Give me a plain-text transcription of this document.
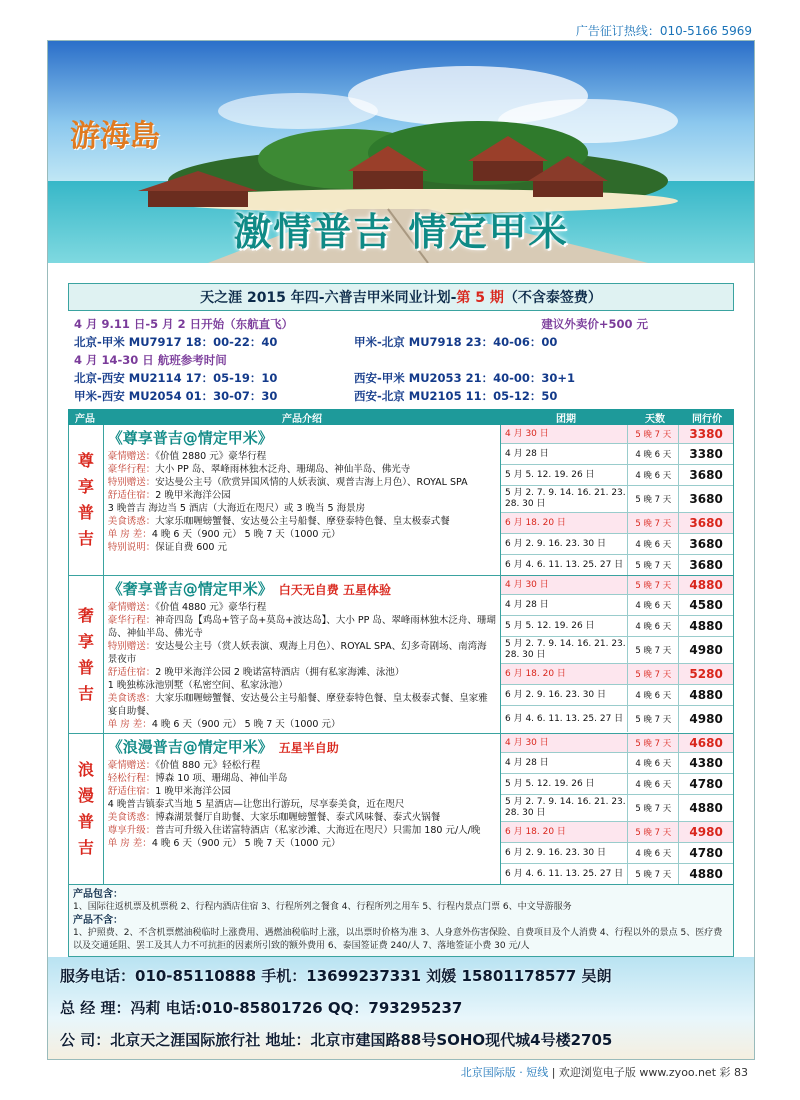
广告征订热线：010-5166 5969
游海島
激情普吉 情定甲米
天之涯 2015 年四-六普吉甲米同业计划- 第 5 期 （不含泰签费）
4 月 9.11 日-5 月 2 日开始（东航直飞）	建议外卖价+500 元
北京-甲米 MU7917 18：00-22：40	甲米-北京 MU7918 23：40-06：00
4 月 14-30 日 航班参考时间
北京-西安 MU2114 17：05-19：10	西安-甲米 MU2053 21：40-00：30+1
甲米-西安 MU2054 01：30-07：30	西安-北京 MU2105 11：05-12：50
产品	产品介绍	团期	天数	同行价
尊
享
普
吉
《尊享普吉@情定甲米》
豪情赠送：《价值 2880 元》豪华行程
豪华行程：大小 PP 岛、翠峰雨林独木泛舟、珊瑚岛、神仙半岛、佛光寺
特别赠送：安达曼公主号（欣赏异国风情的人妖表演、观普吉海上月色）、ROYAL SPA
舒适住宿：2 晚甲米海洋公园
3 晚普吉 海边当 5 酒店（大海近在咫尺）或 3 晚当 5 海景房
美食诱惑：大家乐咖喱螃蟹餐、安达曼公主号船餐、摩登泰特色餐、皇太极泰式餐
单 房 差：4 晚 6 天（900 元） 5 晚 7 天（1000 元）
特别说明：保证自费 600 元
4 月 30 日	5 晚 7 天	3380
4 月 28 日	4 晚 6 天	3380
5 月 5. 12. 19. 26 日	4 晚 6 天	3680
5 月 2. 7. 9. 14. 16. 21. 23. 28. 30 日	5 晚 7 天	3680
6 月 18. 20 日	5 晚 7 天	3680
6 月 2. 9. 16. 23. 30 日	4 晚 6 天	3680
6 月 4. 6. 11. 13. 25. 27 日	5 晚 7 天	3680
奢
享
普
吉
《奢享普吉@情定甲米》 白天无自费 五星体验
豪情赠送：《价值 4880 元》豪华行程
豪华行程：神奇四岛【鸡岛+管子岛+莫岛+波达岛】、大小 PP 岛、翠峰雨林独木泛舟、珊瑚岛、神仙半岛、佛光寺
特别赠送：安达曼公主号（赏人妖表演、观海上月色）、ROYAL SPA、幻多奇剧场、南湾海景夜市
舒适住宿：2 晚甲米海洋公园 2 晚诺富特酒店（拥有私家海滩、泳池）
1 晚独栋泳池别墅（私密空间、私家泳池）
美食诱惑：大家乐咖喱螃蟹餐、安达曼公主号船餐、摩登泰特色餐、皇太极泰式餐、皇家雅宴自助餐、
单 房 差：4 晚 6 天（900 元） 5 晚 7 天（1000 元）
4 月 30 日	5 晚 7 天	4880
4 月 28 日	4 晚 6 天	4580
5 月 5. 12. 19. 26 日	4 晚 6 天	4880
5 月 2. 7. 9. 14. 16. 21. 23. 28. 30 日	5 晚 7 天	4980
6 月 18. 20 日	5 晚 7 天	5280
6 月 2. 9. 16. 23. 30 日	4 晚 6 天	4880
6 月 4. 6. 11. 13. 25. 27 日	5 晚 7 天	4980
浪
漫
普
吉
《浪漫普吉@情定甲米》 五星半自助
豪情赠送：《价值 880 元》轻松行程
轻松行程：博森 10 项、珊瑚岛、神仙半岛
舒适住宿：1 晚甲米海洋公园
4 晚普吉镇泰式当地 5 星酒店—让您出行游玩，尽享泰美食，近在咫尺
美食诱惑：博森湖景餐厅自助餐、大家乐咖喱螃蟹餐、泰式风味餐、泰式火锅餐
尊享升级：普吉可升级入住诺富特酒店（私家沙滩、大海近在咫尺）只需加 180 元/人/晚
单 房 差：4 晚 6 天（900 元） 5 晚 7 天（1000 元）
4 月 30 日	5 晚 7 天	4680
4 月 28 日	4 晚 6 天	4380
5 月 5. 12. 19. 26 日	4 晚 6 天	4780
5 月 2. 7. 9. 14. 16. 21. 23. 28. 30 日	5 晚 7 天	4880
6 月 18. 20 日	5 晚 7 天	4980
6 月 2. 9. 16. 23. 30 日	4 晚 6 天	4780
6 月 4. 6. 11. 13. 25. 27 日	5 晚 7 天	4880
产品包含：
1、国际往返机票及机票税 2、行程内酒店住宿 3、行程所列之餐食 4、行程所列之用车 5、行程内景点门票 6、中文导游服务
产品不含：
1、护照费、2、不含机票燃油税临时上涨费用、遇燃油税临时上涨，以出票时价格为准 3、人身意外伤害保险、自费项目及个人消费 4、行程以外的景点 5、医疗费以及交通延阻、罢工及其人力不可抗拒的因素所引致的额外费用 6、泰国签证费 240/人 7、落地签证小费 30 元/人
服务电话：010-85110888 手机：13699237331 刘媛 15801178577 吴朗
总 经 理：冯莉 电话:010-85801726 QQ：793295237
公 司：北京天之涯国际旅行社 地址：北京市建国路88号SOHO现代城4号楼2705
北京国际版 · 短线 | 欢迎浏览电子版 www.zyoo.net 彩 83
